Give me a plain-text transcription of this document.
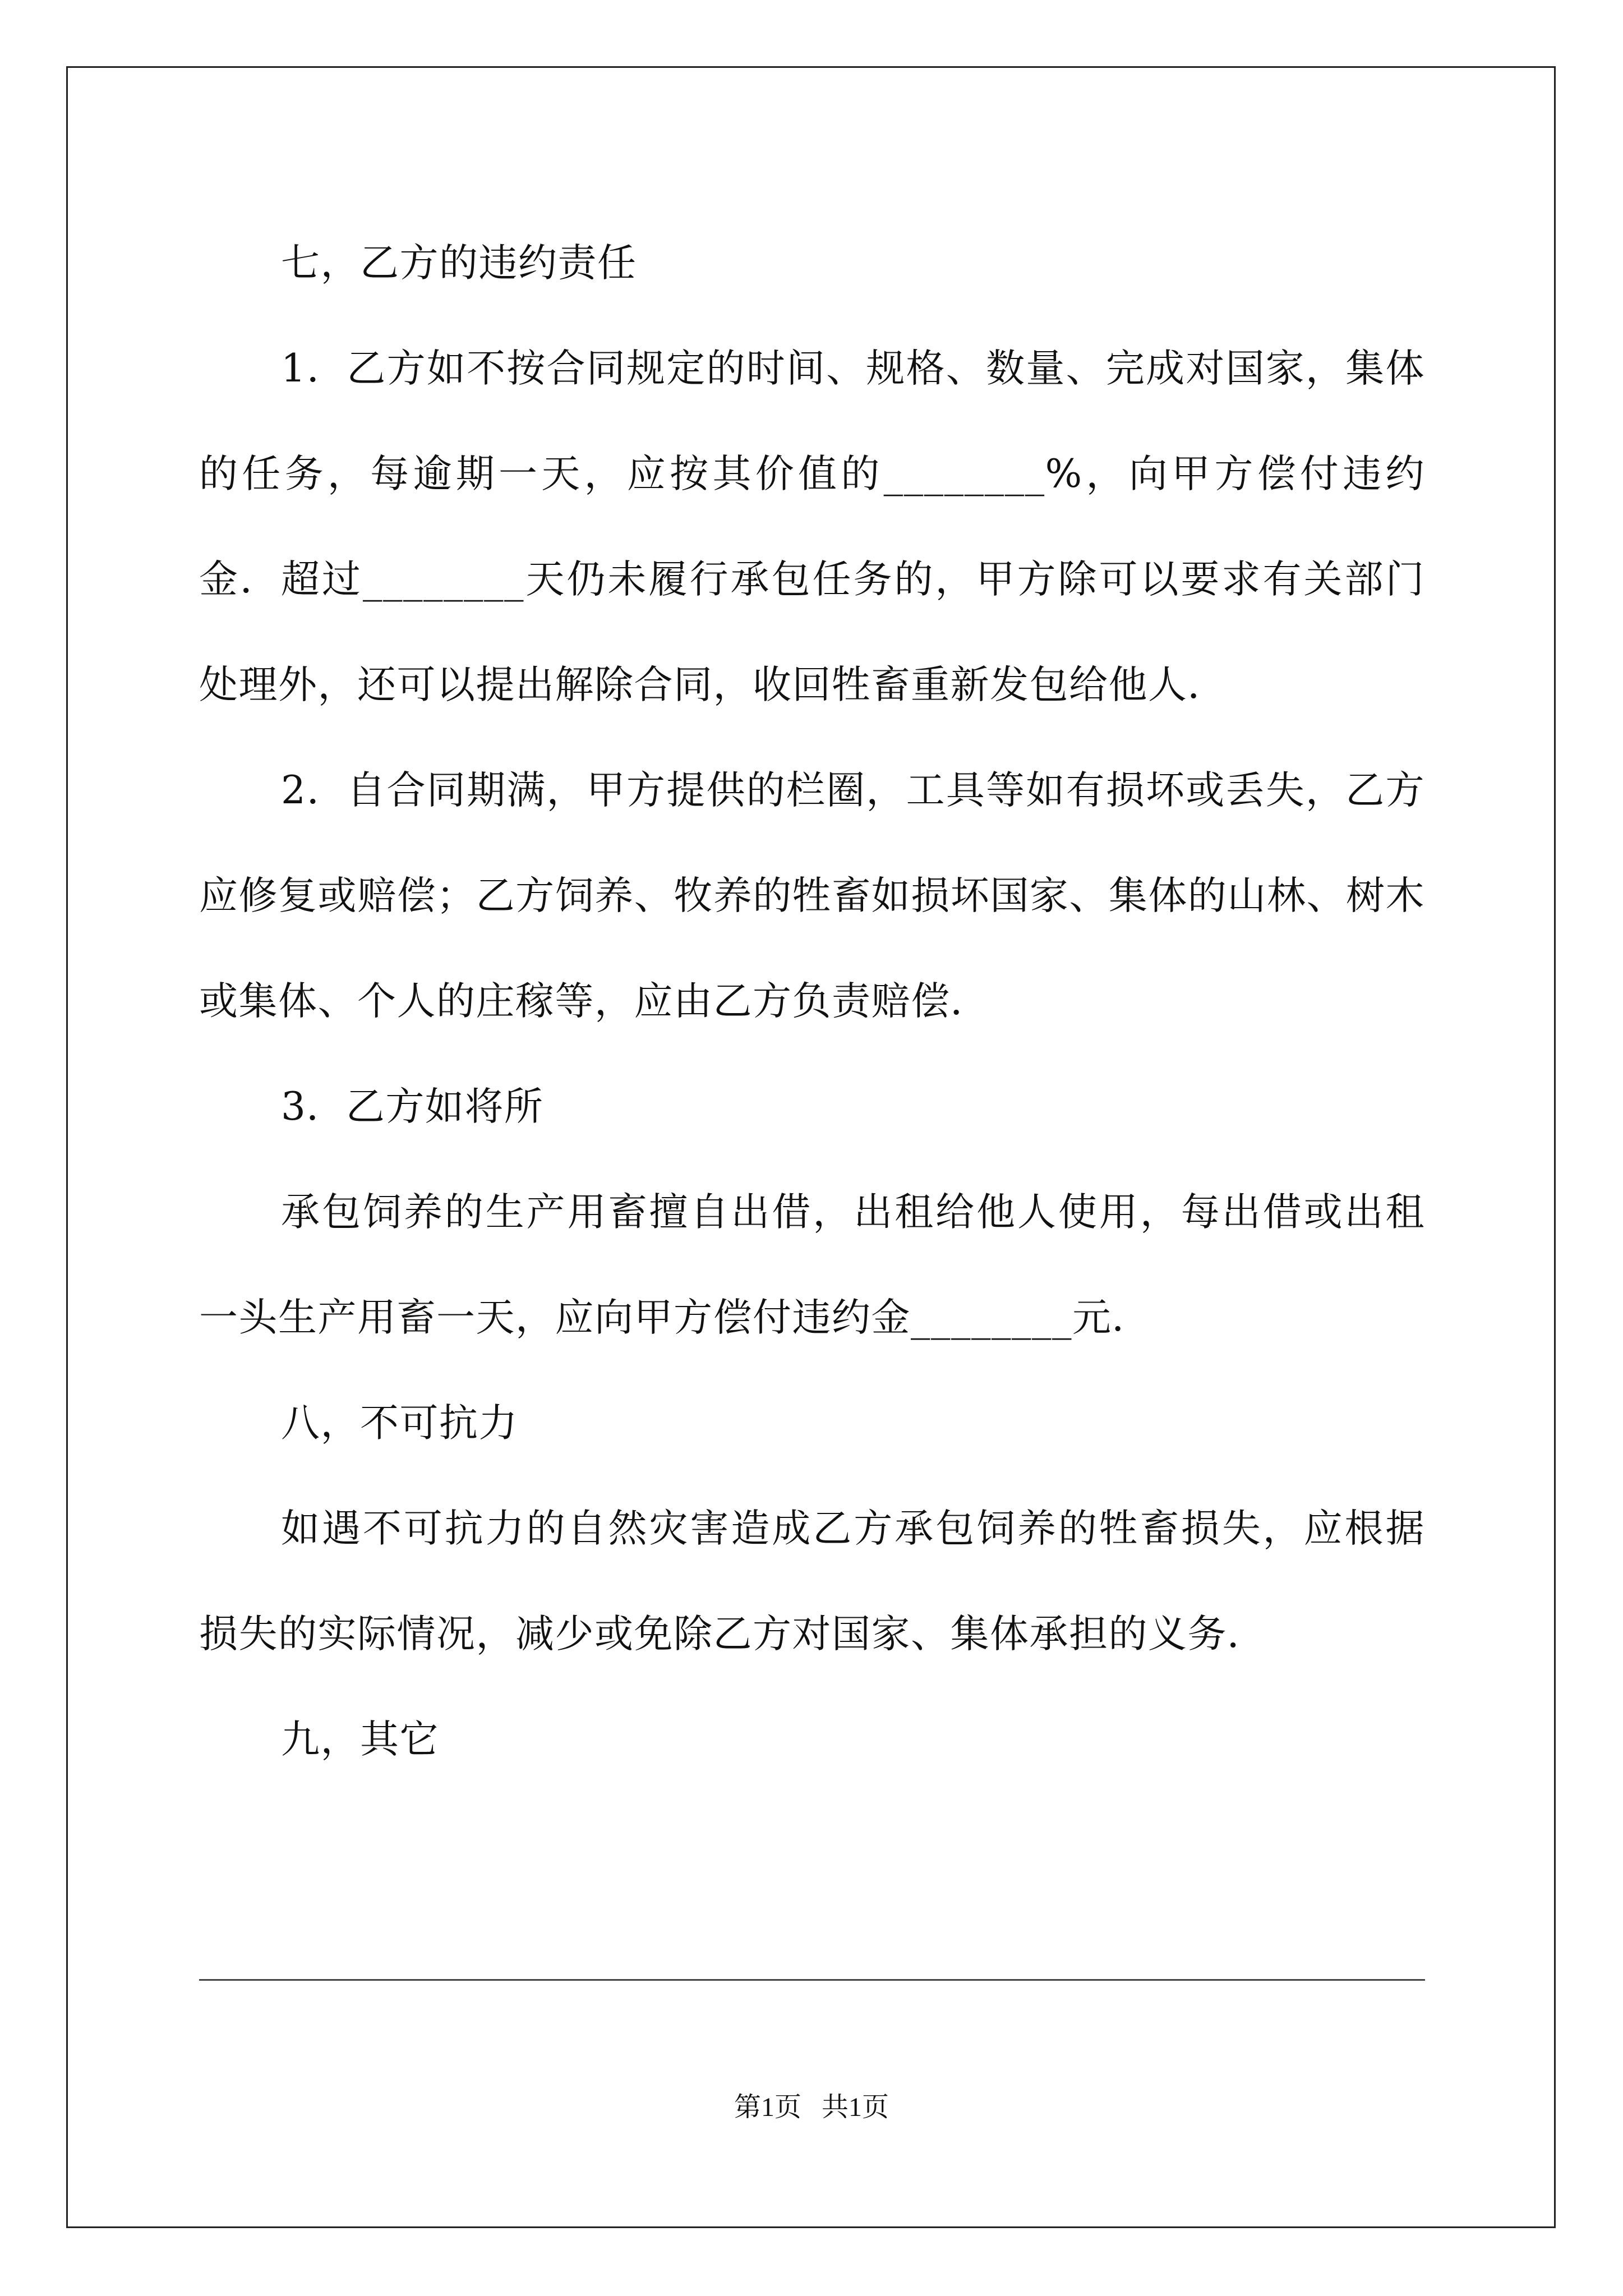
七，乙方的违约责任

1．乙方如不按合同规定的时间、规格、数量、完成对国家，集体的任务，每逾期一天，应按其价值的________%，向甲方偿付违约金．超过________天仍未履行承包任务的，甲方除可以要求有关部门处理外，还可以提出解除合同，收回牲畜重新发包给他人．

2．自合同期满，甲方提供的栏圈，工具等如有损坏或丢失，乙方应修复或赔偿；乙方饲养、牧养的牲畜如损坏国家、集体的山林、树木或集体、个人的庄稼等，应由乙方负责赔偿．

3．乙方如将所

承包饲养的生产用畜擅自出借，出租给他人使用，每出借或出租一头生产用畜一天，应向甲方偿付违约金________元．

八，不可抗力

如遇不可抗力的自然灾害造成乙方承包饲养的牲畜损失，应根据损失的实际情况，减少或免除乙方对国家、集体承担的义务．

九，其它

第1页   共1页
